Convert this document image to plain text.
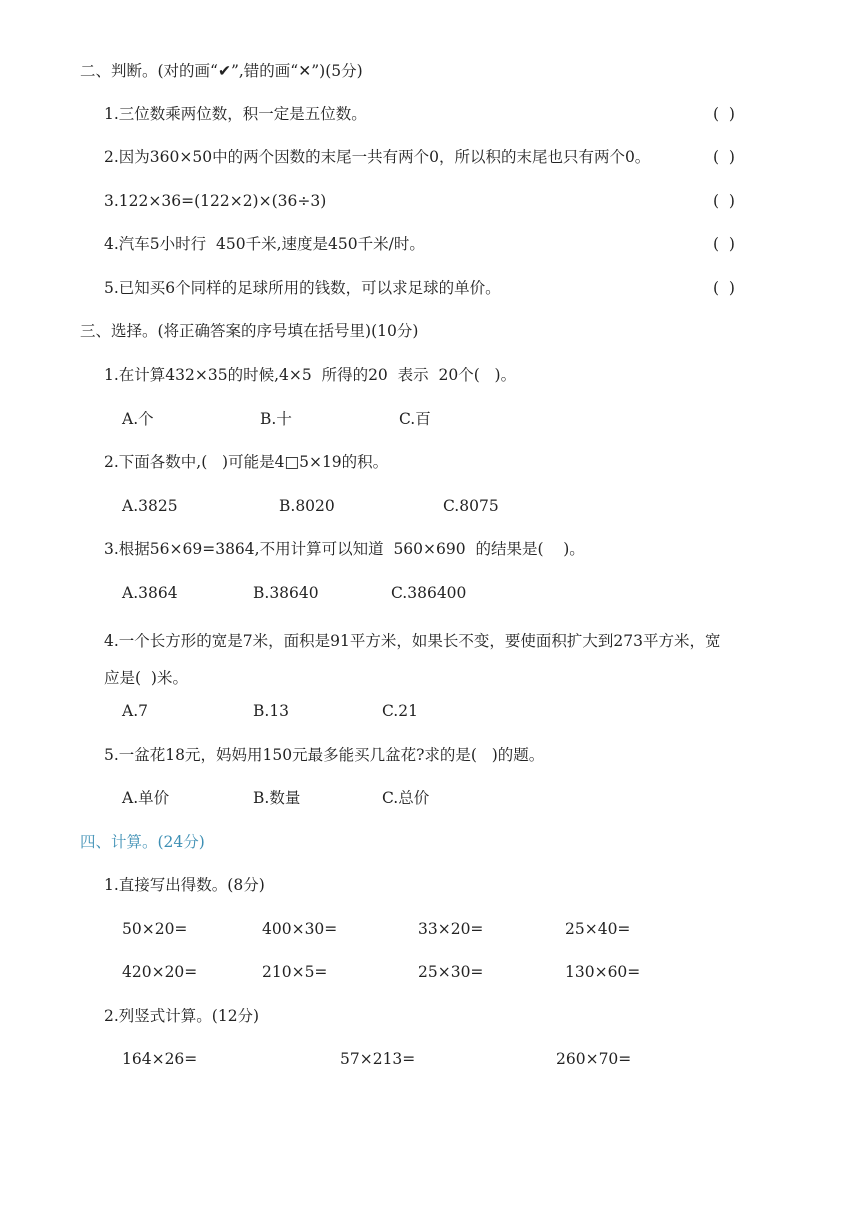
二、判断。(对的画“✔”,错的画“✕”)(5分)
1.三位数乘两位数，积一定是五位数。	(  )
2.因为360×50中的两个因数的末尾一共有两个0，所以积的末尾也只有两个0。	(  )
3.122×36=(122×2)×(36÷3)	(  )
4.汽车5小时行  450千米,速度是450千米/时。	(  )
5.已知买6个同样的足球所用的钱数，可以求足球的单价。	(  )
三、选择。(将正确答案的序号填在括号里)(10分)
1.在计算432×35的时候,4×5  所得的20  表示  20个(   )。
A.个	B.十	C.百
2.下面各数中,(   )可能是4□5×19的积。
A.3825	B.8020	C.8075
3.根据56×69=3864,不用计算可以知道  560×690  的结果是(    )。
A.3864	B.38640	C.386400
4.一个长方形的宽是7米，面积是91平方米，如果长不变，要使面积扩大到273平方米，宽
应是(  )米。
A.7	B.13	C.21
5.一盆花18元，妈妈用150元最多能买几盆花?求的是(   )的题。
A.单价	B.数量	C.总价
四、计算。(24分)
1.直接写出得数。(8分)
50×20=	400×30=	33×20=	25×40=
420×20=	210×5=	25×30=	130×60=
2.列竖式计算。(12分)
164×26=	57×213=	260×70=
